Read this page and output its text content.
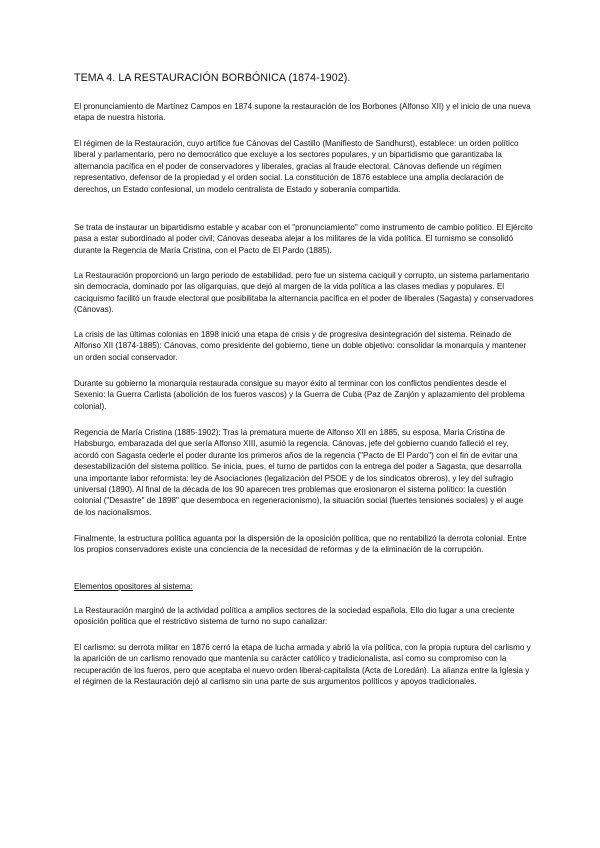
TEMA 4. LA RESTAURACIÓN BORBÓNICA (1874-1902).

El pronunciamiento de Martínez Campos en 1874 supone la restauración de los Borbones (Alfonso XII) y el inicio de una nueva etapa de nuestra historia.

El régimen de la Restauración, cuyo artífice fue Cánovas del Castillo (Manifiesto de Sandhurst), establece: un orden político liberal y parlamentario, pero no democrático que excluye a los sectores populares, y un bipartidismo que garantizaba la alternancia pacífica en el poder de conservadores y liberales, gracias al fraude electoral. Cánovas defiende un régimen representativo, defensor de la propiedad y el orden social. La constitución de 1876 establece una amplia declaración de derechos, un Estado confesional, un modelo centralista de Estado y soberanía compartida.

Se trata de instaurar un bipartidismo estable y acabar con el "pronunciamiento" como instrumento de cambio político. El Ejército pasa a estar subordinado al poder civil; Cánovas deseaba alejar a los militares de la vida política. El turnismo se consolidó durante la Regencia de María Cristina, con el Pacto de El Pardo (1885).

La Restauración proporcionó un largo periodo de estabilidad, pero fue un sistema caciquil y corrupto, un sistema parlamentario sin democracia, dominado por las oligarquías, que dejó al margen de la vida política a las clases medias y populares. El caciquismo facilitó un fraude electoral que posibilitaba la alternancia pacífica en el poder de liberales (Sagasta) y conservadores (Cánovas).

La crisis de las últimas colonias en 1898 inició una etapa de crisis y de progresiva desintegración del sistema. Reinado de Alfonso XII (1874-1885): Cánovas, como presidente del gobierno, tiene un doble objetivo: consolidar la monarquía y mantener un orden social conservador.

Durante su gobierno la monarquía restaurada consigue su mayor éxito al terminar con los conflictos pendientes desde el Sexenio: la Guerra Carlista (abolición de los fueros vascos) y la Guerra de Cuba (Paz de Zanjón y aplazamiento del problema colonial).

Regencia de María Cristina (1885-1902): Tras la prematura muerte de Alfonso XII en 1885, su esposa, María Cristina de Habsburgo, embarazada del que sería Alfonso XIII, asumió la regencia. Cánovas, jefe del gobierno cuando falleció el rey, acordó con Sagasta cederle el poder durante los primeros años de la regencia ("Pacto de El Pardo") con el fin de evitar una desestabilización del sistema político. Se inicia, pues, el turno de partidos con la entrega del poder a Sagasta, que desarrolla una importante labor reformista: ley de Asociaciones (legalización del PSOE y de los sindicatos obreros), y ley del sufragio universal (1890). Al final de la década de los 90 aparecen tres problemas que erosionaron el sistema político: la cuestión colonial ("Desastre" de 1898" que desemboca en regeneracionismo), la situación social (fuertes tensiones sociales) y el auge de los nacionalismos.

Finalmente, la estructura política aguanta por la dispersión de la oposición política, que no rentabilizó la derrota colonial. Entre los propios conservadores existe una conciencia de la necesidad de reformas y de la eliminación de la corrupción.

Elementos opositores al sistema:

La Restauración marginó de la actividad política a amplios sectores de la sociedad española. Ello dio lugar a una creciente oposición política que el restrictivo sistema de turno no supo canalizar:

El carlismo: su derrota militar en 1876 cerró la etapa de lucha armada y abrió la vía política, con la propia ruptura del carlismo y la aparición de un carlismo renovado que mantenía su carácter católico y tradicionalista, así como su compromiso con la recuperación de los fueros, pero que aceptaba el nuevo orden liberal-capitalista (Acta de Loredán). La alianza entre la Iglesia y el régimen de la Restauración dejó al carlismo sin una parte de sus argumentos políticos y apoyos tradicionales.
